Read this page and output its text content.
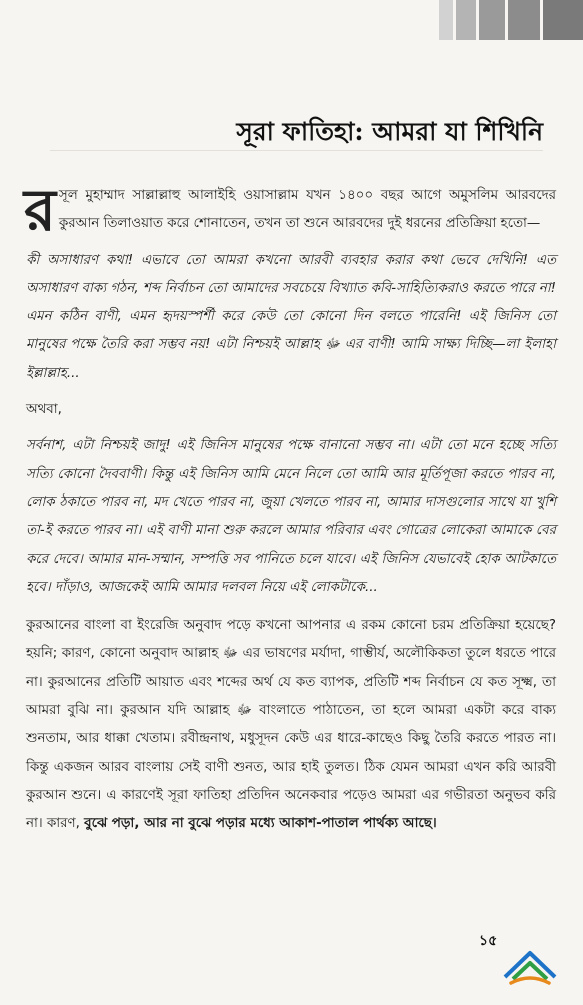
সূরা ফাতিহা: আমরা যা শিখিনি

রসূল মুহাম্মাদ সাল্লাল্লাহু আলাইহি ওয়াসাল্লাম যখন ১৪০০ বছর আগে অমুসলিম আরবদের কুরআন তিলাওয়াত করে শোনাতেন, তখন তা শুনে আরবদের দুই ধরনের প্রতিক্রিয়া হতো—

কী অসাধারণ কথা! এভাবে তো আমরা কখনো আরবী ব্যবহার করার কথা ভেবে দেখিনি! এত অসাধারণ বাক্য গঠন, শব্দ নির্বাচন তো আমাদের সবচেয়ে বিখ্যাত কবি-সাহিত্যিকরাও করতে পারে না! এমন কঠিন বাণী, এমন হৃদয়স্পর্শী করে কেউ তো কোনো দিন বলতে পারেনি! এই জিনিস তো মানুষের পক্ষে তৈরি করা সম্ভব নয়! এটা নিশ্চয়ই আল্লাহ ﷻ এর বাণী! আমি সাক্ষ্য দিচ্ছি—লা ইলাহা ইল্লাল্লাহ...

অথবা,

সর্বনাশ, এটা নিশ্চয়ই জাদু! এই জিনিস মানুষের পক্ষে বানানো সম্ভব না। এটা তো মনে হচ্ছে সত্যি সত্যি কোনো দৈববাণী। কিন্তু এই জিনিস আমি মেনে নিলে তো আমি আর মূর্তিপূজা করতে পারব না, লোক ঠকাতে পারব না, মদ খেতে পারব না, জুয়া খেলতে পারব না, আমার দাসগুলোর সাথে যা খুশি তা-ই করতে পারব না। এই বাণী মানা শুরু করলে আমার পরিবার এবং গোত্রের লোকেরা আমাকে বের করে দেবে। আমার মান-সম্মান, সম্পত্তি সব পানিতে চলে যাবে। এই জিনিস যেভাবেই হোক আটকাতে হবে। দাঁড়াও, আজকেই আমি আমার দলবল নিয়ে এই লোকটাকে...

কুরআনের বাংলা বা ইংরেজি অনুবাদ পড়ে কখনো আপনার এ রকম কোনো চরম প্রতিক্রিয়া হয়েছে? হয়নি; কারণ, কোনো অনুবাদ আল্লাহ ﷻ এর ভাষণের মর্যাদা, গাম্ভীর্য, অলৌকিকতা তুলে ধরতে পারে না। কুরআনের প্রতিটি আয়াত এবং শব্দের অর্থ যে কত ব্যাপক, প্রতিটি শব্দ নির্বাচন যে কত সূক্ষ্ম, তা আমরা বুঝি না। কুরআন যদি আল্লাহ ﷻ বাংলাতে পাঠাতেন, তা হলে আমরা একটা করে বাক্য শুনতাম, আর ধাক্কা খেতাম। রবীন্দ্রনাথ, মধুসূদন কেউ এর ধারে-কাছেও কিছু তৈরি করতে পারত না। কিন্তু একজন আরব বাংলায় সেই বাণী শুনত, আর হাই তুলত। ঠিক যেমন আমরা এখন করি আরবী কুরআন শুনে। এ কারণেই সূরা ফাতিহা প্রতিদিন অনেকবার পড়েও আমরা এর গভীরতা অনুভব করি না। কারণ, বুঝে পড়া, আর না বুঝে পড়ার মধ্যে আকাশ-পাতাল পার্থক্য আছে।

১৫
